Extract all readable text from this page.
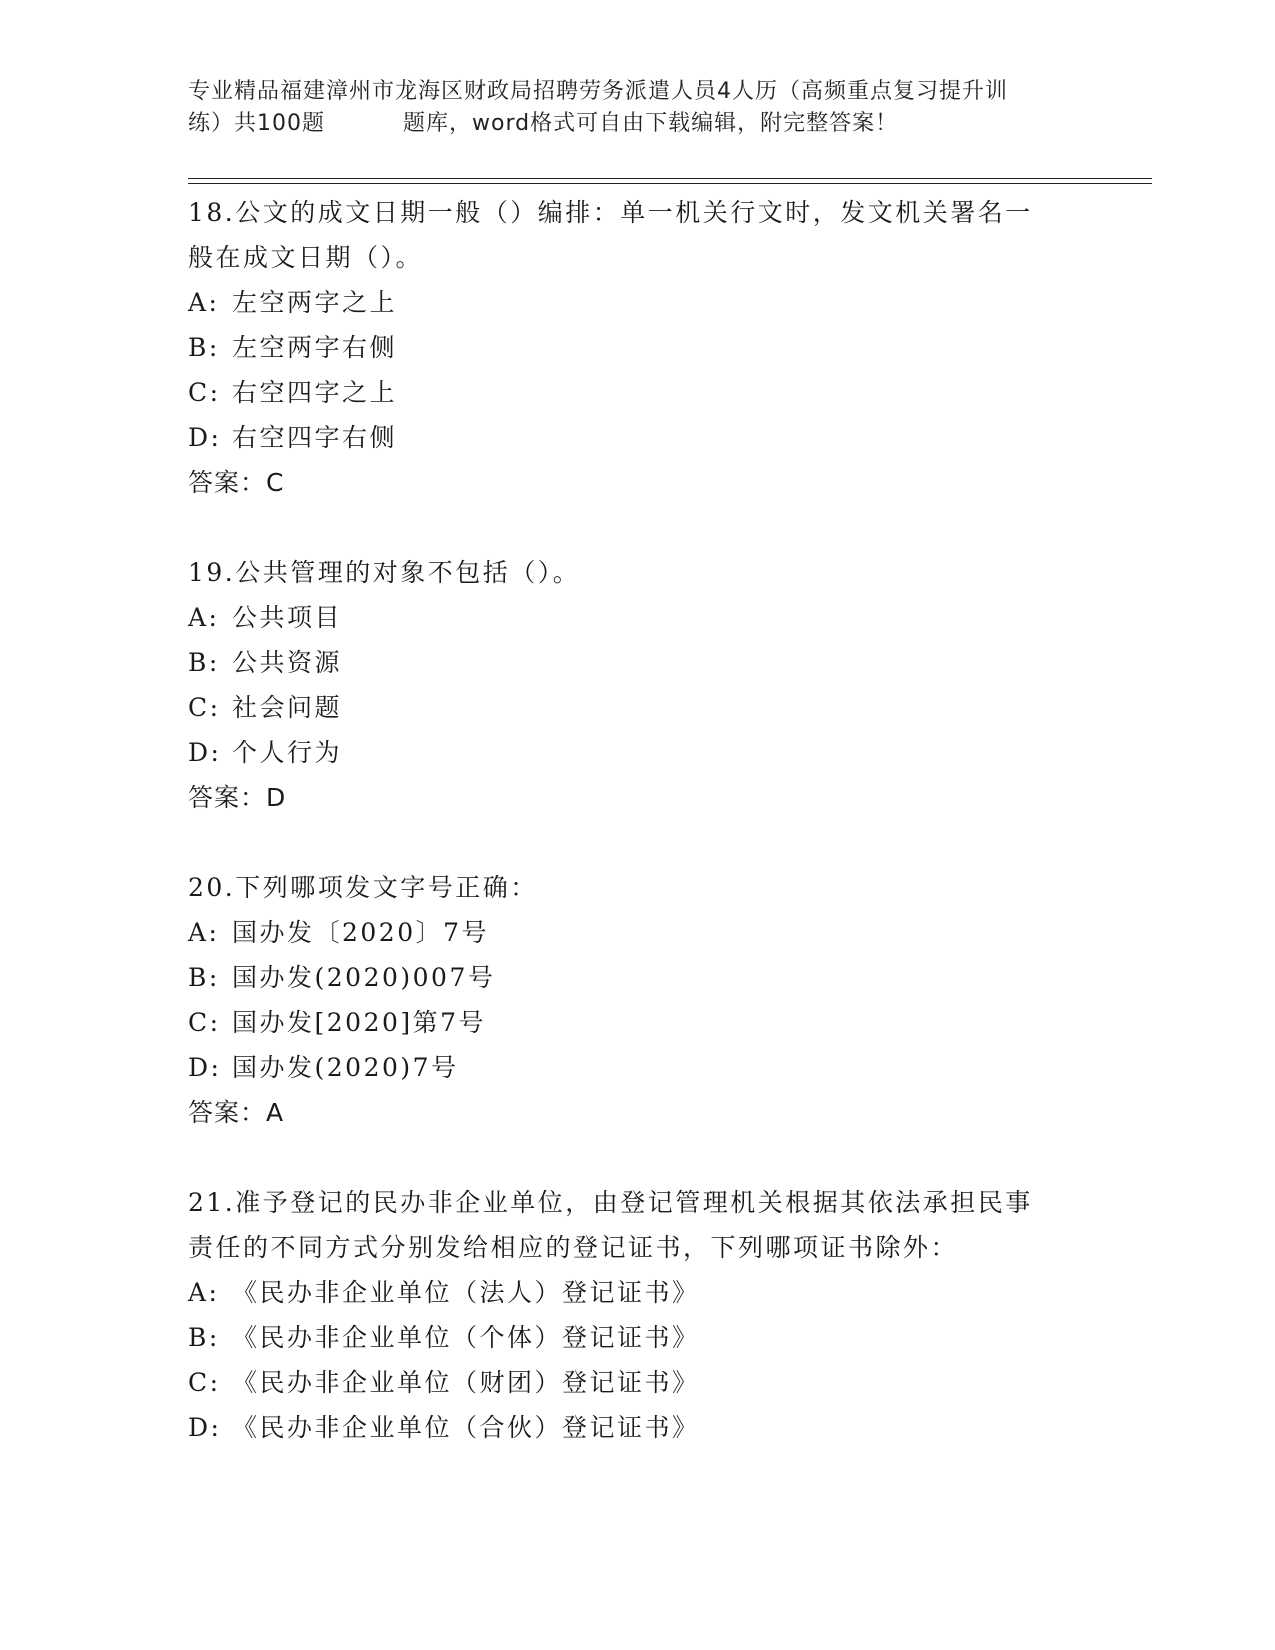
专业精品福建漳州市龙海区财政局招聘劳务派遣人员4人历（高频重点复习提升训
练）共100题	题库，word格式可自由下载编辑，附完整答案！

18.公文的成文日期一般（）编排：单一机关行文时，发文机关署名一

般在成文日期（）。

A: 左空两字之上

B: 左空两字右侧

C: 右空四字之上

D: 右空四字右侧

答案：C

19.公共管理的对象不包括（）。

A: 公共项目

B: 公共资源

C: 社会问题

D: 个人行为

答案：D

20.下列哪项发文字号正确：

A: 国办发〔2020〕7号

B: 国办发(2020)007号

C: 国办发[2020]第7号

D: 国办发(2020)7号

答案：A

21.准予登记的民办非企业单位，由登记管理机关根据其依法承担民事

责任的不同方式分别发给相应的登记证书，下列哪项证书除外：

A: 《民办非企业单位（法人）登记证书》

B: 《民办非企业单位（个体）登记证书》

C: 《民办非企业单位（财团）登记证书》

D: 《民办非企业单位（合伙）登记证书》
